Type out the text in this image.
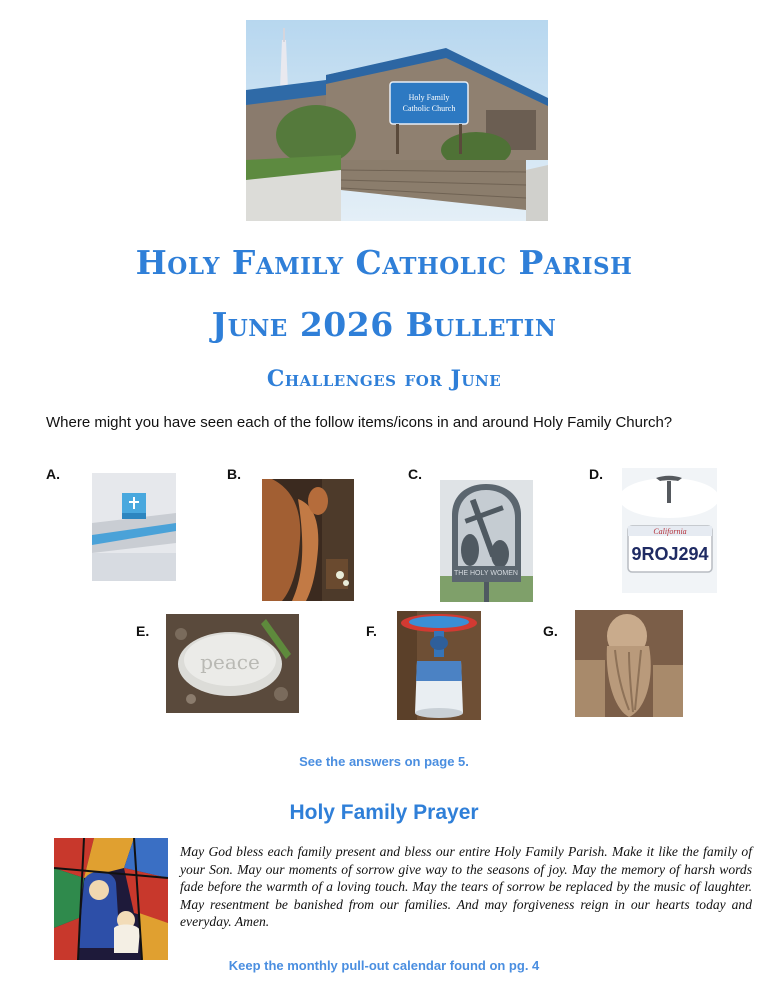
Holy Family
Catholic Church
Holy Family Catholic Parish
June 2026 Bulletin
Challenges for June
Where might you have seen each of the follow items/icons in and around Holy Family Church?
A.	B.	C.
THE HOLY WOMEN
D.
California
9ROJ294
E.
peace
F.	G.
See the answers on page 5.
Holy Family Prayer
May God bless each family present and bless our entire Holy Family Parish. Make it like the family of your Son. May our moments of sorrow give way to the seasons of joy. May the memory of harsh words fade before the warmth of a loving touch. May the tears of sorrow be replaced by the music of laughter. May resentment be banished from our families. And may forgiveness reign in our hearts today and everyday. Amen.
Keep the monthly pull-out calendar found on pg. 4
